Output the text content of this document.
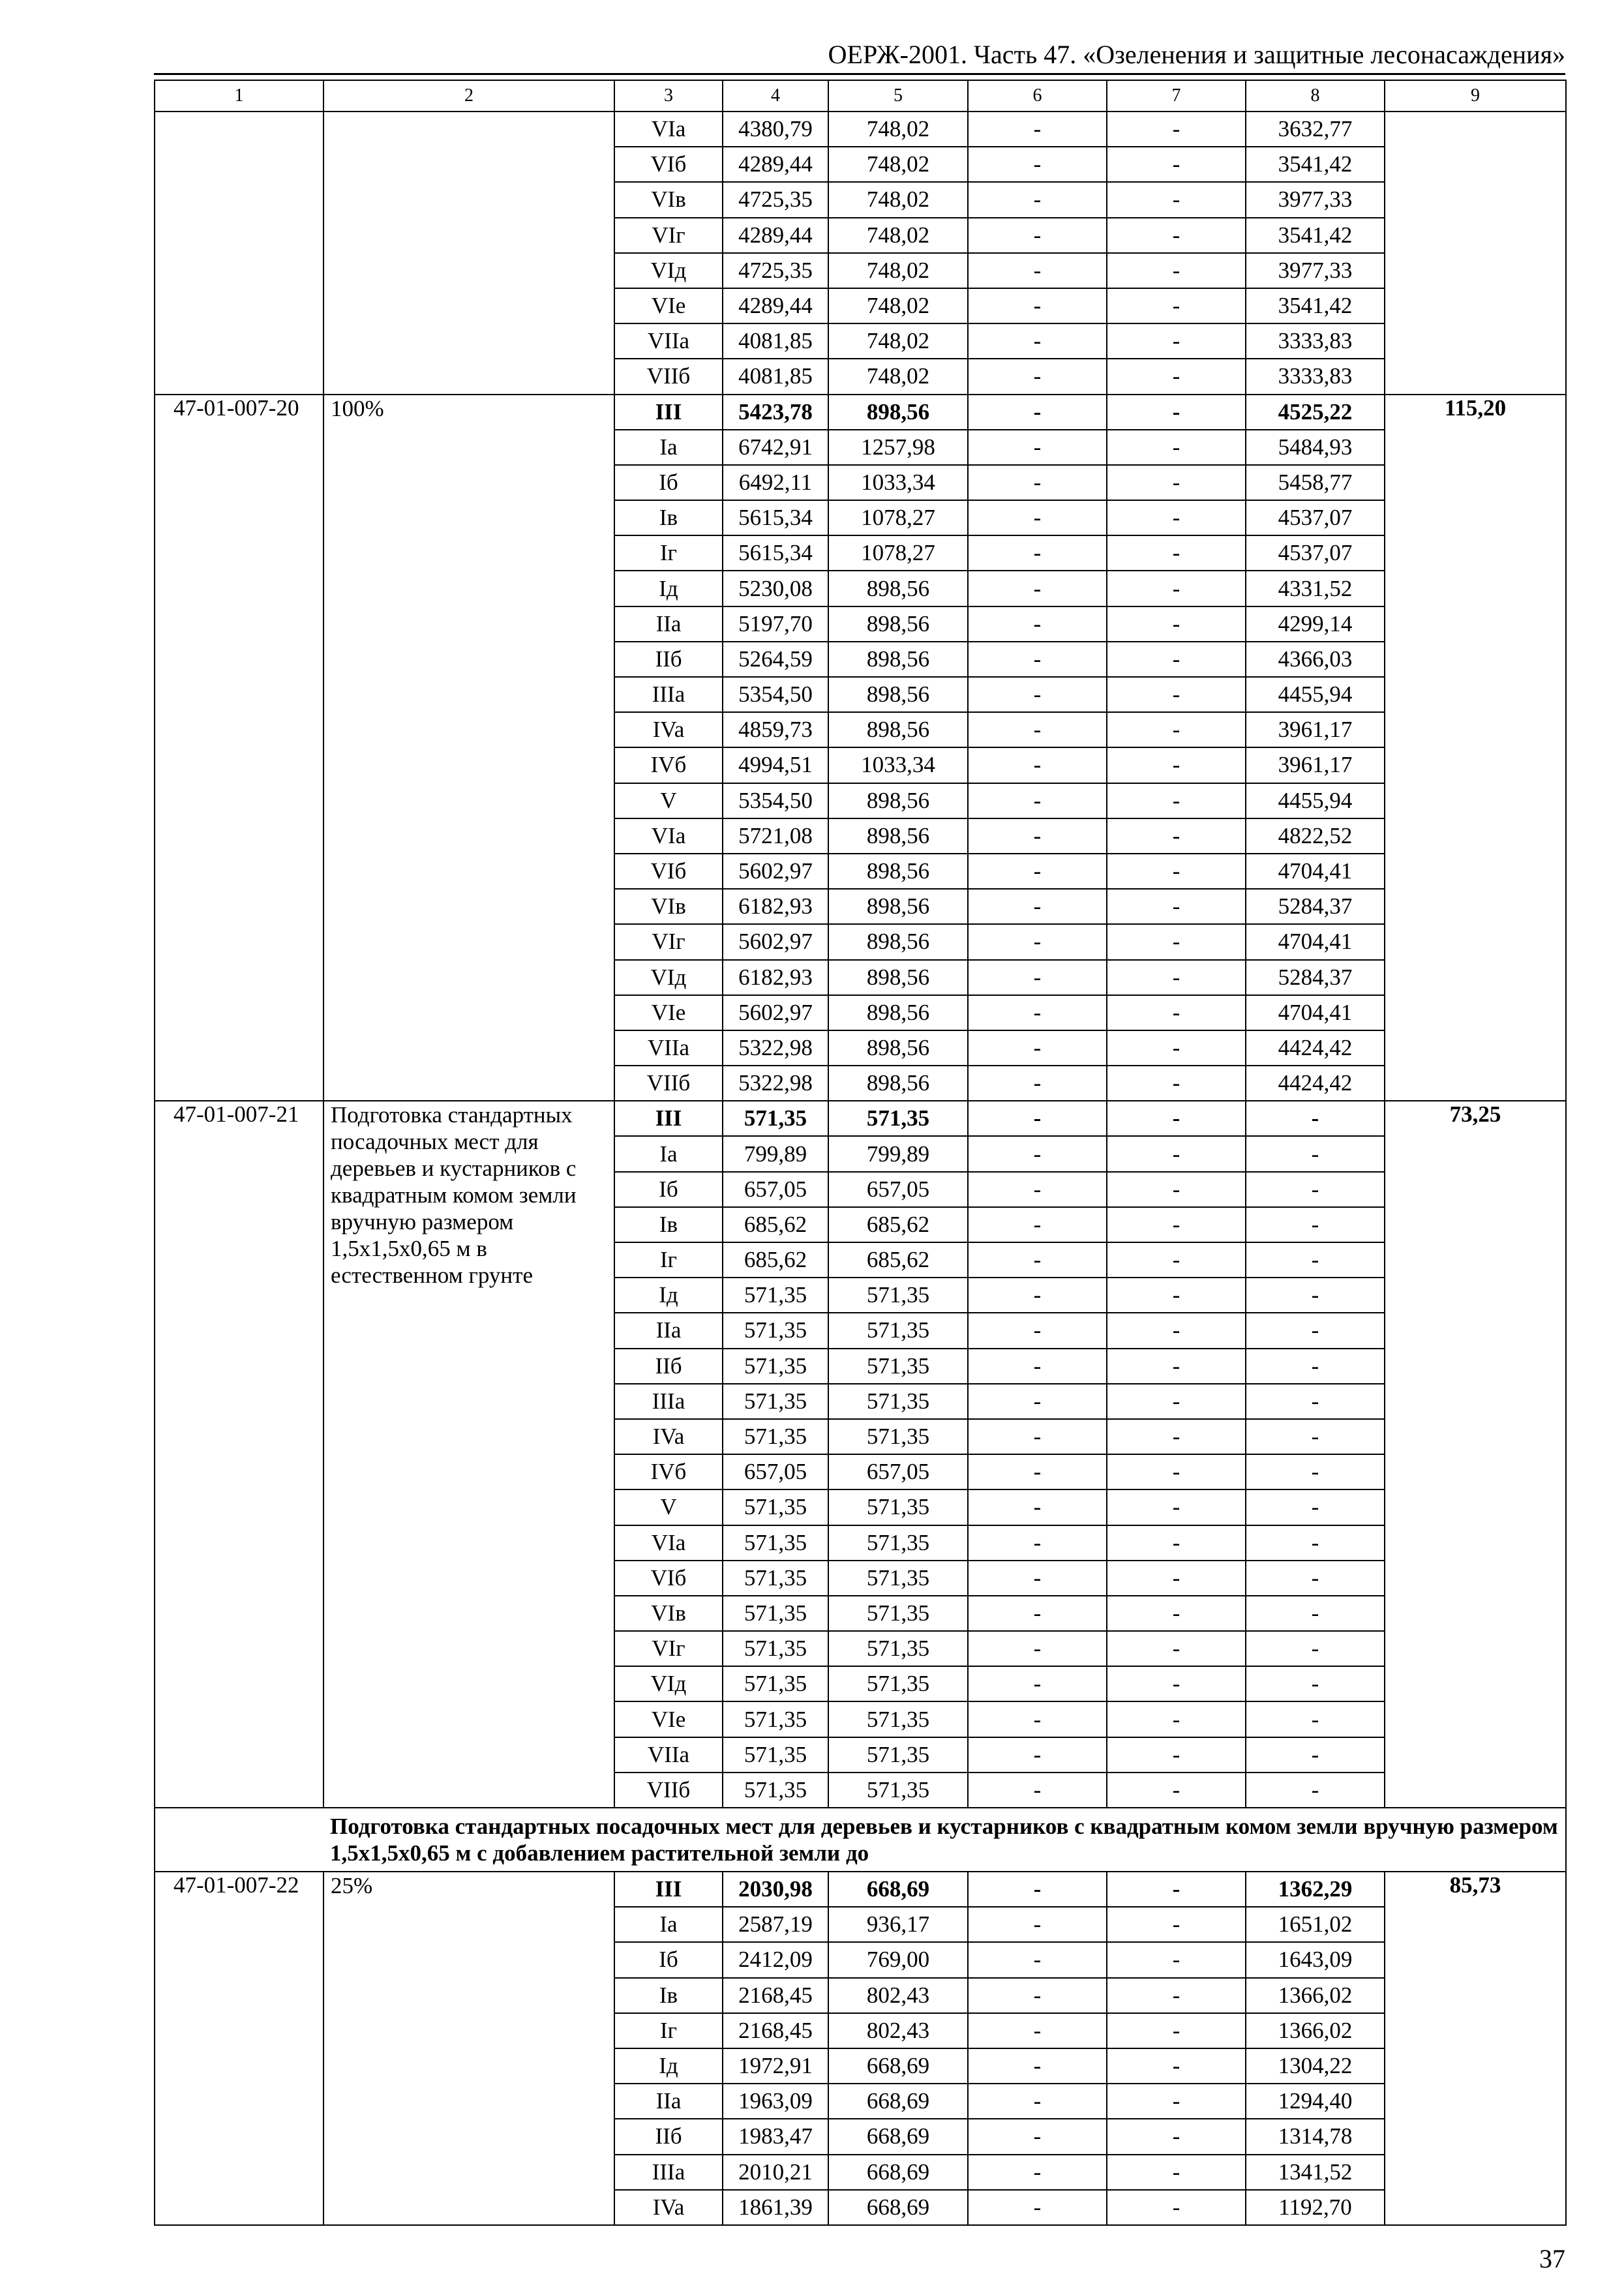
ОЕРЖ-2001. Часть 47. «Озеленения и защитные лесонасаждения»
1	2	3	4	5	6	7	8	9
		VIa	4380,79	748,02	-	-	3632,77	
		VIб	4289,44	748,02	-	-	3541,42	
		VIв	4725,35	748,02	-	-	3977,33	
		VIг	4289,44	748,02	-	-	3541,42	
		VIд	4725,35	748,02	-	-	3977,33	
		VIe	4289,44	748,02	-	-	3541,42	
		VIIa	4081,85	748,02	-	-	3333,83	
		VIIб	4081,85	748,02	-	-	3333,83	
47-01-007-20	100%	III	5423,78	898,56	-	-	4525,22	115,20
		Ia	6742,91	1257,98	-	-	5484,93	
		Iб	6492,11	1033,34	-	-	5458,77	
		Iв	5615,34	1078,27	-	-	4537,07	
		Iг	5615,34	1078,27	-	-	4537,07	
		Iд	5230,08	898,56	-	-	4331,52	
		IIa	5197,70	898,56	-	-	4299,14	
		IIб	5264,59	898,56	-	-	4366,03	
		IIIa	5354,50	898,56	-	-	4455,94	
		IVa	4859,73	898,56	-	-	3961,17	
		IVб	4994,51	1033,34	-	-	3961,17	
		V	5354,50	898,56	-	-	4455,94	
		VIa	5721,08	898,56	-	-	4822,52	
		VIб	5602,97	898,56	-	-	4704,41	
		VIв	6182,93	898,56	-	-	5284,37	
		VIг	5602,97	898,56	-	-	4704,41	
		VIд	6182,93	898,56	-	-	5284,37	
		VIe	5602,97	898,56	-	-	4704,41	
		VIIa	5322,98	898,56	-	-	4424,42	
		VIIб	5322,98	898,56	-	-	4424,42	
47-01-007-21	Подготовка стандартных посадочных мест для деревьев и кустарников с квадратным комом земли вручную размером 1,5x1,5x0,65 м в естественном грунте	III	571,35	571,35	-	-	-	73,25
		Ia	799,89	799,89	-	-	-	
		Iб	657,05	657,05	-	-	-	
		Iв	685,62	685,62	-	-	-	
		Iг	685,62	685,62	-	-	-	
		Iд	571,35	571,35	-	-	-	
		IIa	571,35	571,35	-	-	-	
		IIб	571,35	571,35	-	-	-	
		IIIa	571,35	571,35	-	-	-	
		IVa	571,35	571,35	-	-	-	
		IVб	657,05	657,05	-	-	-	
		V	571,35	571,35	-	-	-	
		VIa	571,35	571,35	-	-	-	
		VIб	571,35	571,35	-	-	-	
		VIв	571,35	571,35	-	-	-	
		VIг	571,35	571,35	-	-	-	
		VIд	571,35	571,35	-	-	-	
		VIe	571,35	571,35	-	-	-	
		VIIa	571,35	571,35	-	-	-	
		VIIб	571,35	571,35	-	-	-	
Подготовка стандартных посадочных мест для деревьев и кустарников с квадратным комом земли вручную размером 1,5x1,5x0,65 м с добавлением растительной земли до								
47-01-007-22	25%	III	2030,98	668,69	-	-	1362,29	85,73
		Ia	2587,19	936,17	-	-	1651,02	
		Iб	2412,09	769,00	-	-	1643,09	
		Iв	2168,45	802,43	-	-	1366,02	
		Iг	2168,45	802,43	-	-	1366,02	
		Iд	1972,91	668,69	-	-	1304,22	
		IIa	1963,09	668,69	-	-	1294,40	
		IIб	1983,47	668,69	-	-	1314,78	
		IIIa	2010,21	668,69	-	-	1341,52	
		IVa	1861,39	668,69	-	-	1192,70	
37
